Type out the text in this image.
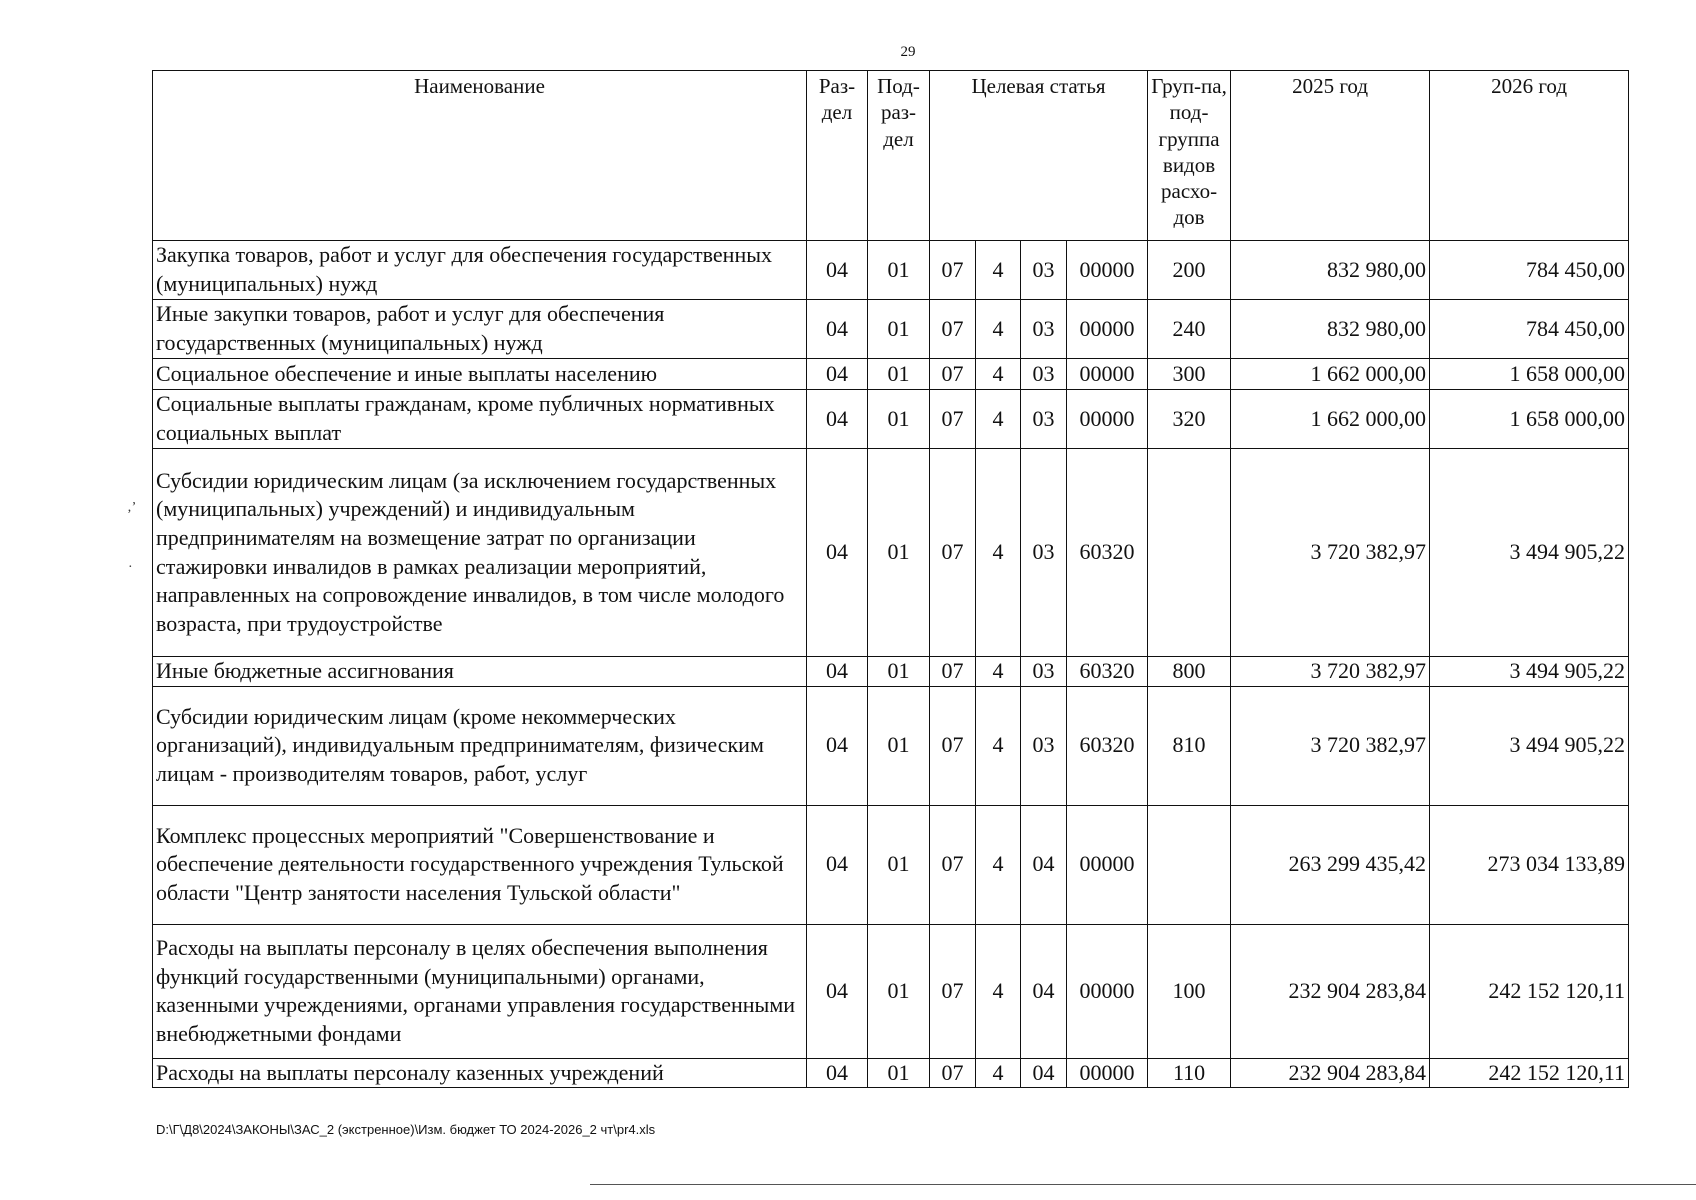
29
Наименование	Раз-дел	Под-раз-дел	Целевая статья				Груп-па, под-группа видов расхо-дов	2025 год	2026 год
Закупка товаров, работ и услуг для обеспечения государственных (муниципальных) нужд	04	01	07	4	03	00000	200	832 980,00	784 450,00
Иные закупки товаров, работ и услуг для обеспечения государственных (муниципальных) нужд	04	01	07	4	03	00000	240	832 980,00	784 450,00
Социальное обеспечение и иные выплаты населению	04	01	07	4	03	00000	300	1 662 000,00	1 658 000,00
Социальные выплаты гражданам, кроме публичных нормативных социальных выплат	04	01	07	4	03	00000	320	1 662 000,00	1 658 000,00
Субсидии юридическим лицам (за исключением государственных (муниципальных) учреждений) и индивидуальным предпринимателям на возмещение затрат по организации стажировки инвалидов в рамках реализации мероприятий, направленных на сопровождение инвалидов, в том числе молодого возраста, при трудоустройстве	04	01	07	4	03	60320		3 720 382,97	3 494 905,22
Иные бюджетные ассигнования	04	01	07	4	03	60320	800	3 720 382,97	3 494 905,22
Субсидии юридическим лицам (кроме некоммерческих организаций), индивидуальным предпринимателям, физическим лицам - производителям товаров, работ, услуг	04	01	07	4	03	60320	810	3 720 382,97	3 494 905,22
Комплекс процессных мероприятий "Совершенствование и обеспечение деятельности государственного учреждения Тульской области "Центр занятости населения Тульской области"	04	01	07	4	04	00000		263 299 435,42	273 034 133,89
Расходы на выплаты персоналу в целях обеспечения выполнения функций государственными (муниципальными) органами, казенными учреждениями, органами управления государственными внебюджетными фондами	04	01	07	4	04	00000	100	232 904 283,84	242 152 120,11
Расходы на выплаты персоналу казенных учреждений	04	01	07	4	04	00000	110	232 904 283,84	242 152 120,11
‚ʼ
·
D:\Г\Д8\2024\ЗАКОНЫ\ЗАС_2 (экстренное)\Изм. бюджет ТО 2024-2026_2 чт\pr4.xls
